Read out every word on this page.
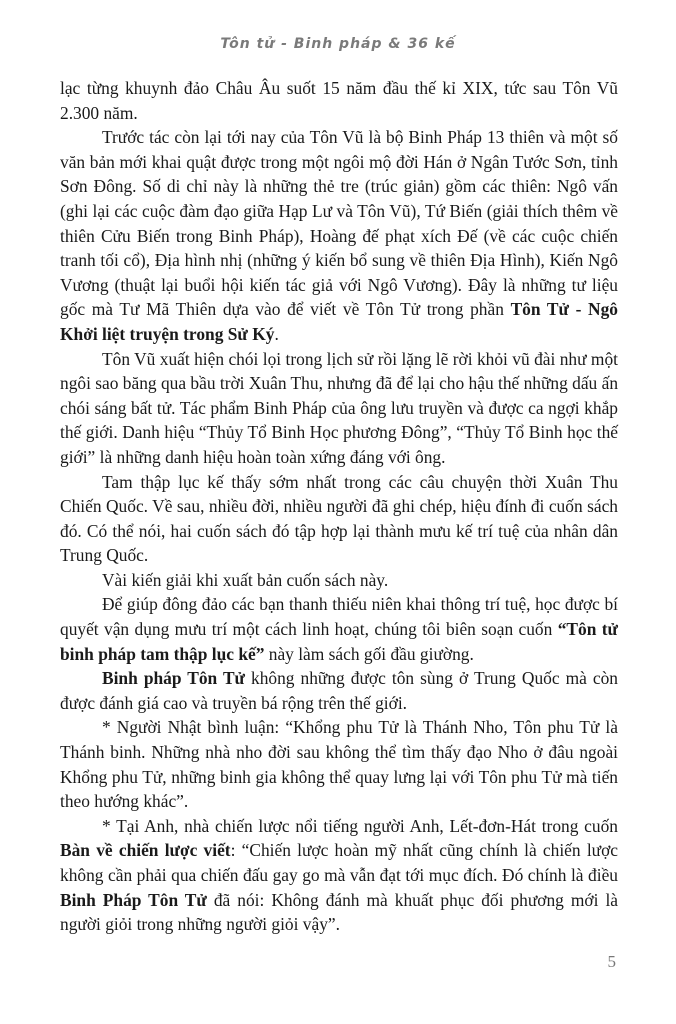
Tôn tử - Binh pháp & 36 kế

lạc từng khuynh đảo Châu Âu suốt 15 năm đầu thế kỉ XIX, tức sau Tôn Vũ 2.300 năm.

Trước tác còn lại tới nay của Tôn Vũ là bộ Binh Pháp 13 thiên và một số văn bản mới khai quật được trong một ngôi mộ đời Hán ở Ngân Tước Sơn, tỉnh Sơn Đông. Số di chỉ này là những thẻ tre (trúc giản) gồm các thiên: Ngô vấn (ghi lại các cuộc đàm đạo giữa Hạp Lư và Tôn Vũ), Tứ Biến (giải thích thêm về thiên Cửu Biến trong Binh Pháp), Hoàng đế phạt xích Đế (về các cuộc chiến tranh tối cổ), Địa hình nhị (những ý kiến bổ sung về thiên Địa Hình), Kiến Ngô Vương (thuật lại buổi hội kiến tác giả với Ngô Vương). Đây là những tư liệu gốc mà Tư Mã Thiên dựa vào để viết về Tôn Tử trong phần Tôn Tử - Ngô Khởi liệt truyện trong Sử Ký.

Tôn Vũ xuất hiện chói lọi trong lịch sử rồi lặng lẽ rời khỏi vũ đài như một ngôi sao băng qua bầu trời Xuân Thu, nhưng đã để lại cho hậu thế những dấu ấn chói sáng bất tử. Tác phẩm Binh Pháp của ông lưu truyền và được ca ngợi khắp thế giới. Danh hiệu “Thủy Tổ Binh Học phương Đông”, “Thủy Tổ Binh học thế giới” là những danh hiệu hoàn toàn xứng đáng với ông.

Tam thập lục kế thấy sớm nhất trong các câu chuyện thời Xuân Thu Chiến Quốc. Về sau, nhiều đời, nhiều người đã ghi chép, hiệu đính đi cuốn sách đó. Có thể nói, hai cuốn sách đó tập hợp lại thành mưu kế trí tuệ của nhân dân Trung Quốc.

Vài kiến giải khi xuất bản cuốn sách này.

Để giúp đông đảo các bạn thanh thiếu niên khai thông trí tuệ, học được bí quyết vận dụng mưu trí một cách linh hoạt, chúng tôi biên soạn cuốn “Tôn tử binh pháp tam thập lục kế” này làm sách gối đầu giường.

Binh pháp Tôn Tử không những được tôn sùng ở Trung Quốc mà còn được đánh giá cao và truyền bá rộng trên thế giới.

* Người Nhật bình luận: “Khổng phu Tử là Thánh Nho, Tôn phu Tử là Thánh binh. Những nhà nho đời sau không thể tìm thấy đạo Nho ở đâu ngoài Khổng phu Tử, những binh gia không thể quay lưng lại với Tôn phu Tử mà tiến theo hướng khác”.

* Tại Anh, nhà chiến lược nổi tiếng người Anh, Lết-đơn-Hát trong cuốn Bàn về chiến lược viết: “Chiến lược hoàn mỹ nhất cũng chính là chiến lược không cần phải qua chiến đấu gay go mà vẫn đạt tới mục đích. Đó chính là điều Binh Pháp Tôn Tử đã nói: Không đánh mà khuất phục đối phương mới là người giỏi trong những người giỏi vậy”.

5
